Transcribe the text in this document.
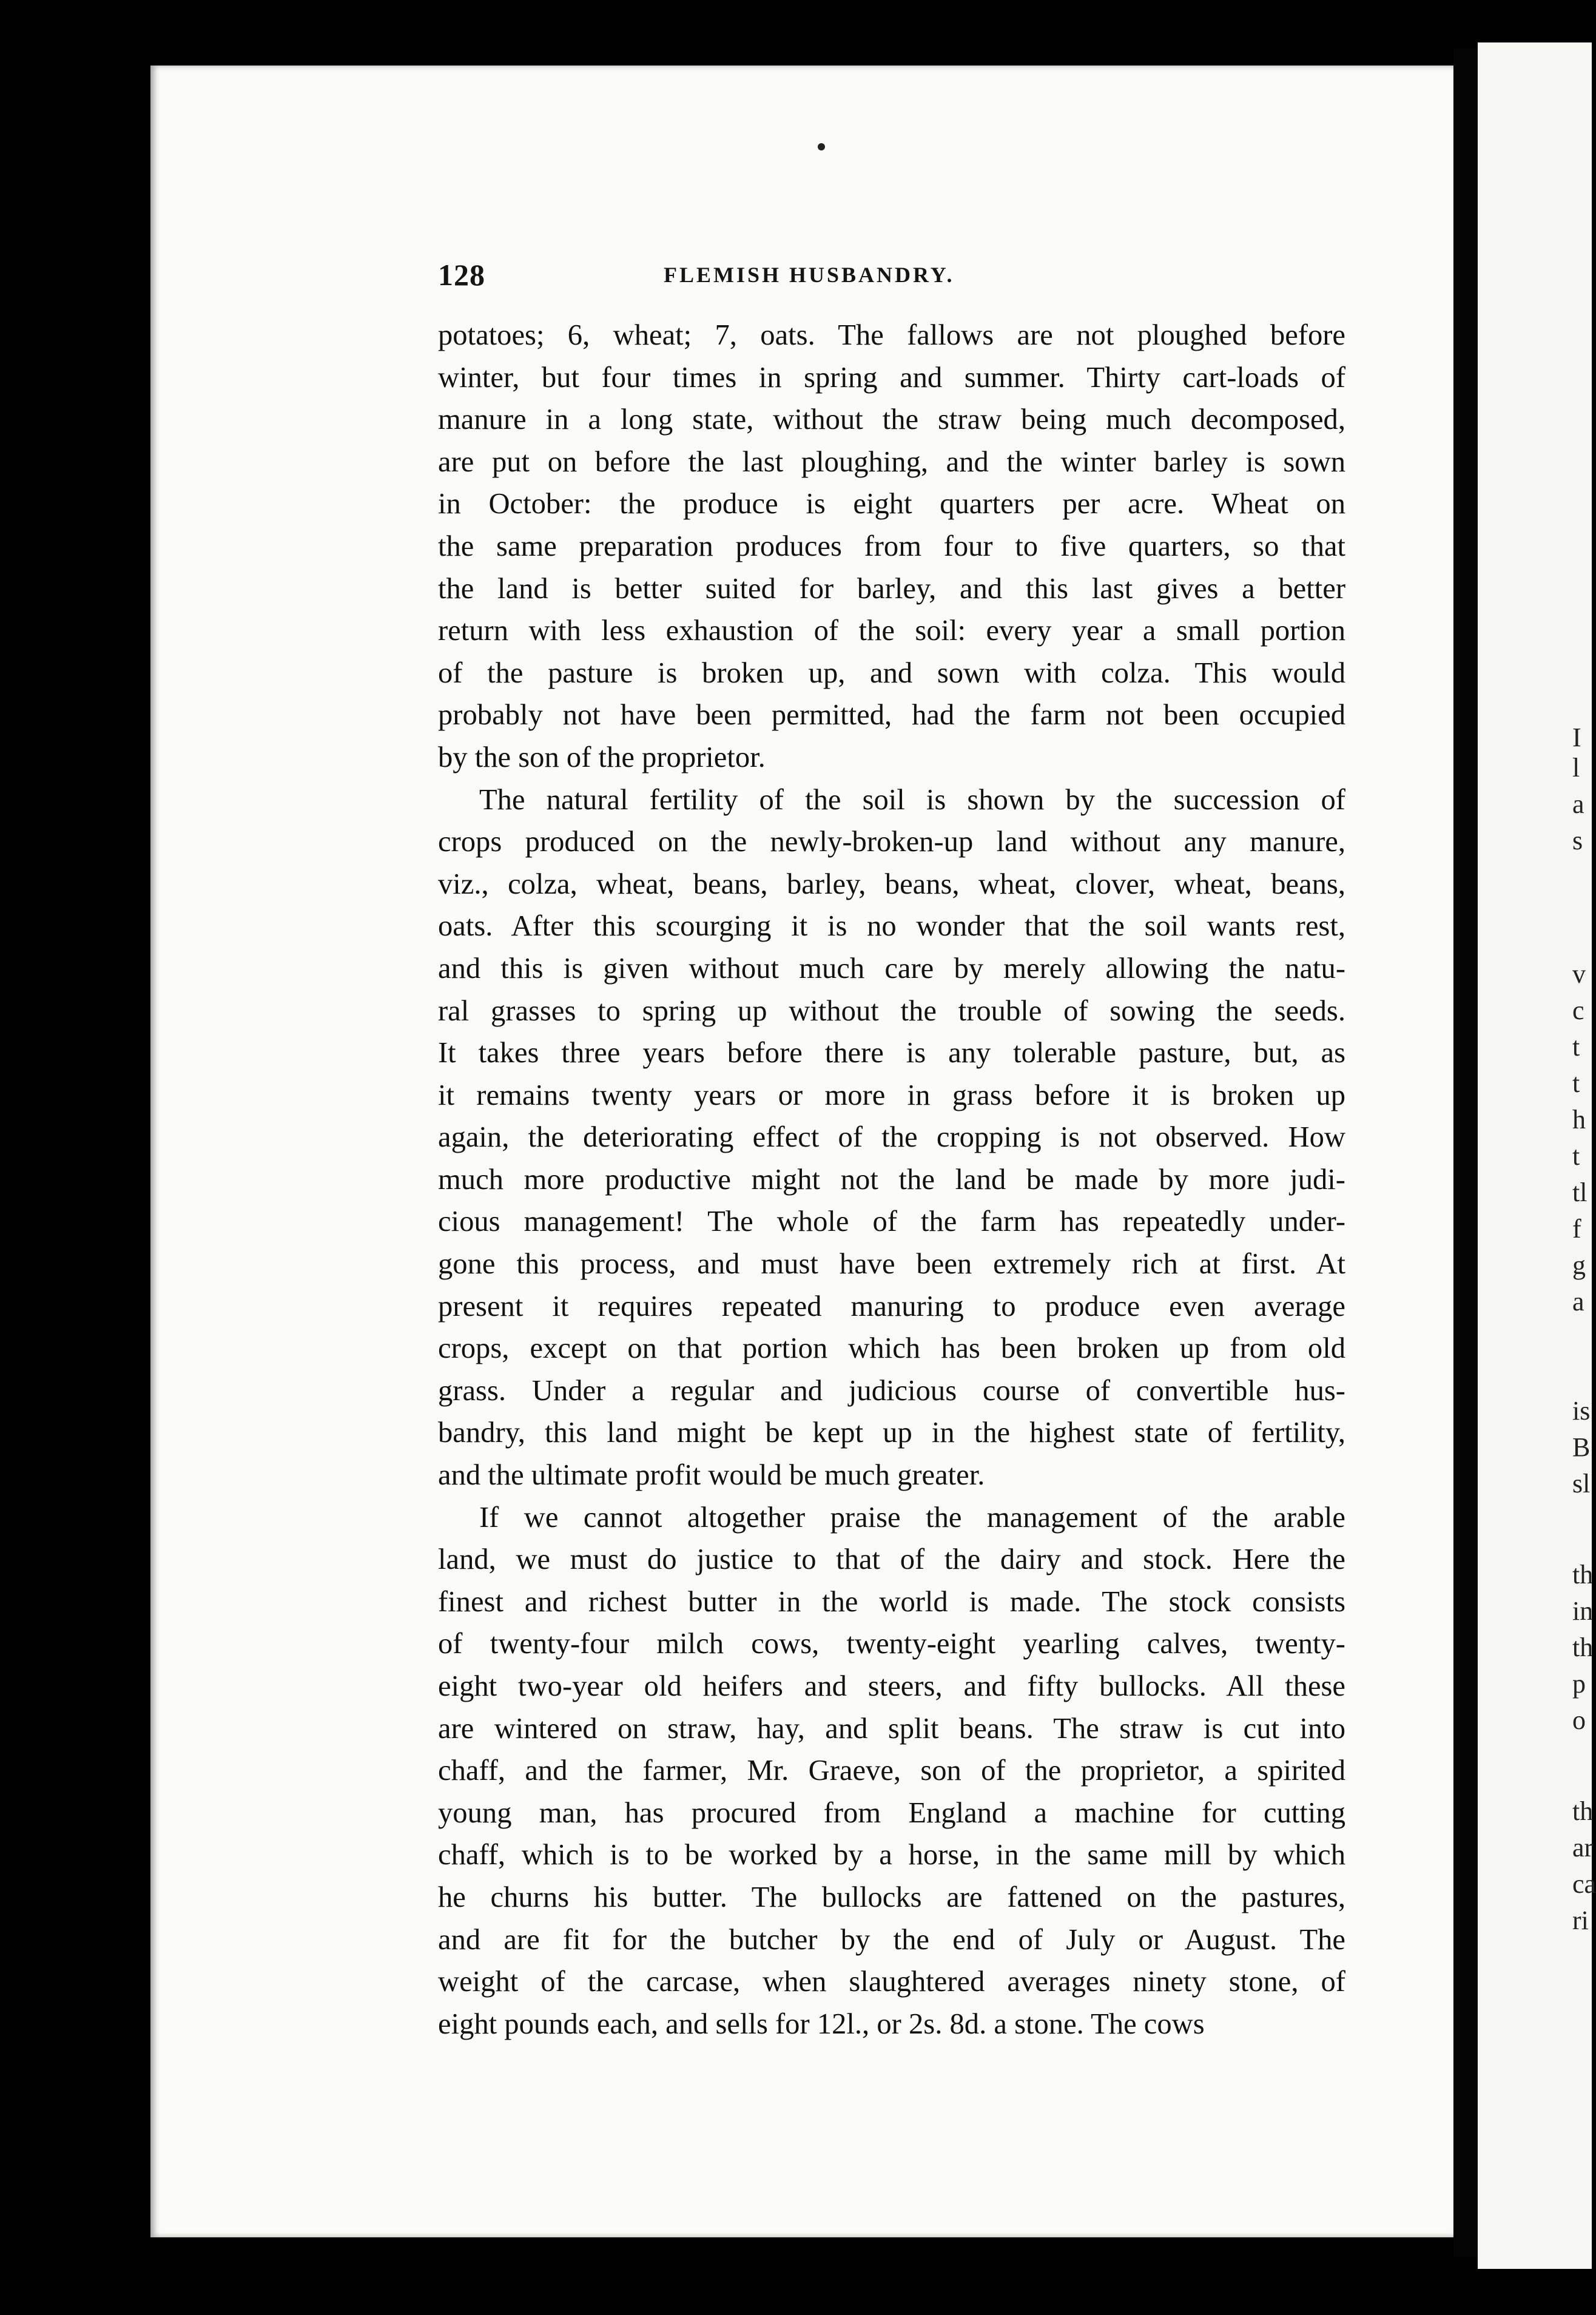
128	FLEMISH HUSBANDRY.
potatoes; 6, wheat; 7, oats. The fallows are not ploughed before
winter, but four times in spring and summer. Thirty cart-loads of
manure in a long state, without the straw being much decomposed,
are put on before the last ploughing, and the winter barley is sown
in October: the produce is eight quarters per acre. Wheat on
the same preparation produces from four to five quarters, so that
the land is better suited for barley, and this last gives a better
return with less exhaustion of the soil: every year a small portion
of the pasture is broken up, and sown with colza. This would
probably not have been permitted, had the farm not been occupied
by the son of the proprietor.
The natural fertility of the soil is shown by the succession of
crops produced on the newly-broken-up land without any manure,
viz., colza, wheat, beans, barley, beans, wheat, clover, wheat, beans,
oats. After this scourging it is no wonder that the soil wants rest,
and this is given without much care by merely allowing the natu-
ral grasses to spring up without the trouble of sowing the seeds.
It takes three years before there is any tolerable pasture, but, as
it remains twenty years or more in grass before it is broken up
again, the deteriorating effect of the cropping is not observed. How
much more productive might not the land be made by more judi-
cious management! The whole of the farm has repeatedly under-
gone this process, and must have been extremely rich at first. At
present it requires repeated manuring to produce even average
crops, except on that portion which has been broken up from old
grass. Under a regular and judicious course of convertible hus-
bandry, this land might be kept up in the highest state of fertility,
and the ultimate profit would be much greater.
If we cannot altogether praise the management of the arable
land, we must do justice to that of the dairy and stock. Here the
finest and richest butter in the world is made. The stock consists
of twenty-four milch cows, twenty-eight yearling calves, twenty-
eight two-year old heifers and steers, and fifty bullocks. All these
are wintered on straw, hay, and split beans. The straw is cut into
chaff, and the farmer, Mr. Graeve, son of the proprietor, a spirited
young man, has procured from England a machine for cutting
chaff, which is to be worked by a horse, in the same mill by which
he churns his butter. The bullocks are fattened on the pastures,
and are fit for the butcher by the end of July or August. The
weight of the carcase, when slaughtered averages ninety stone, of
eight pounds each, and sells for 12l., or 2s. 8d. a stone. The cows
I
l
a
s
v
c
t
t
h
t
tl
f
g
a
is
B
sl
th
in
th
p
o
th
ar
ca
ri
